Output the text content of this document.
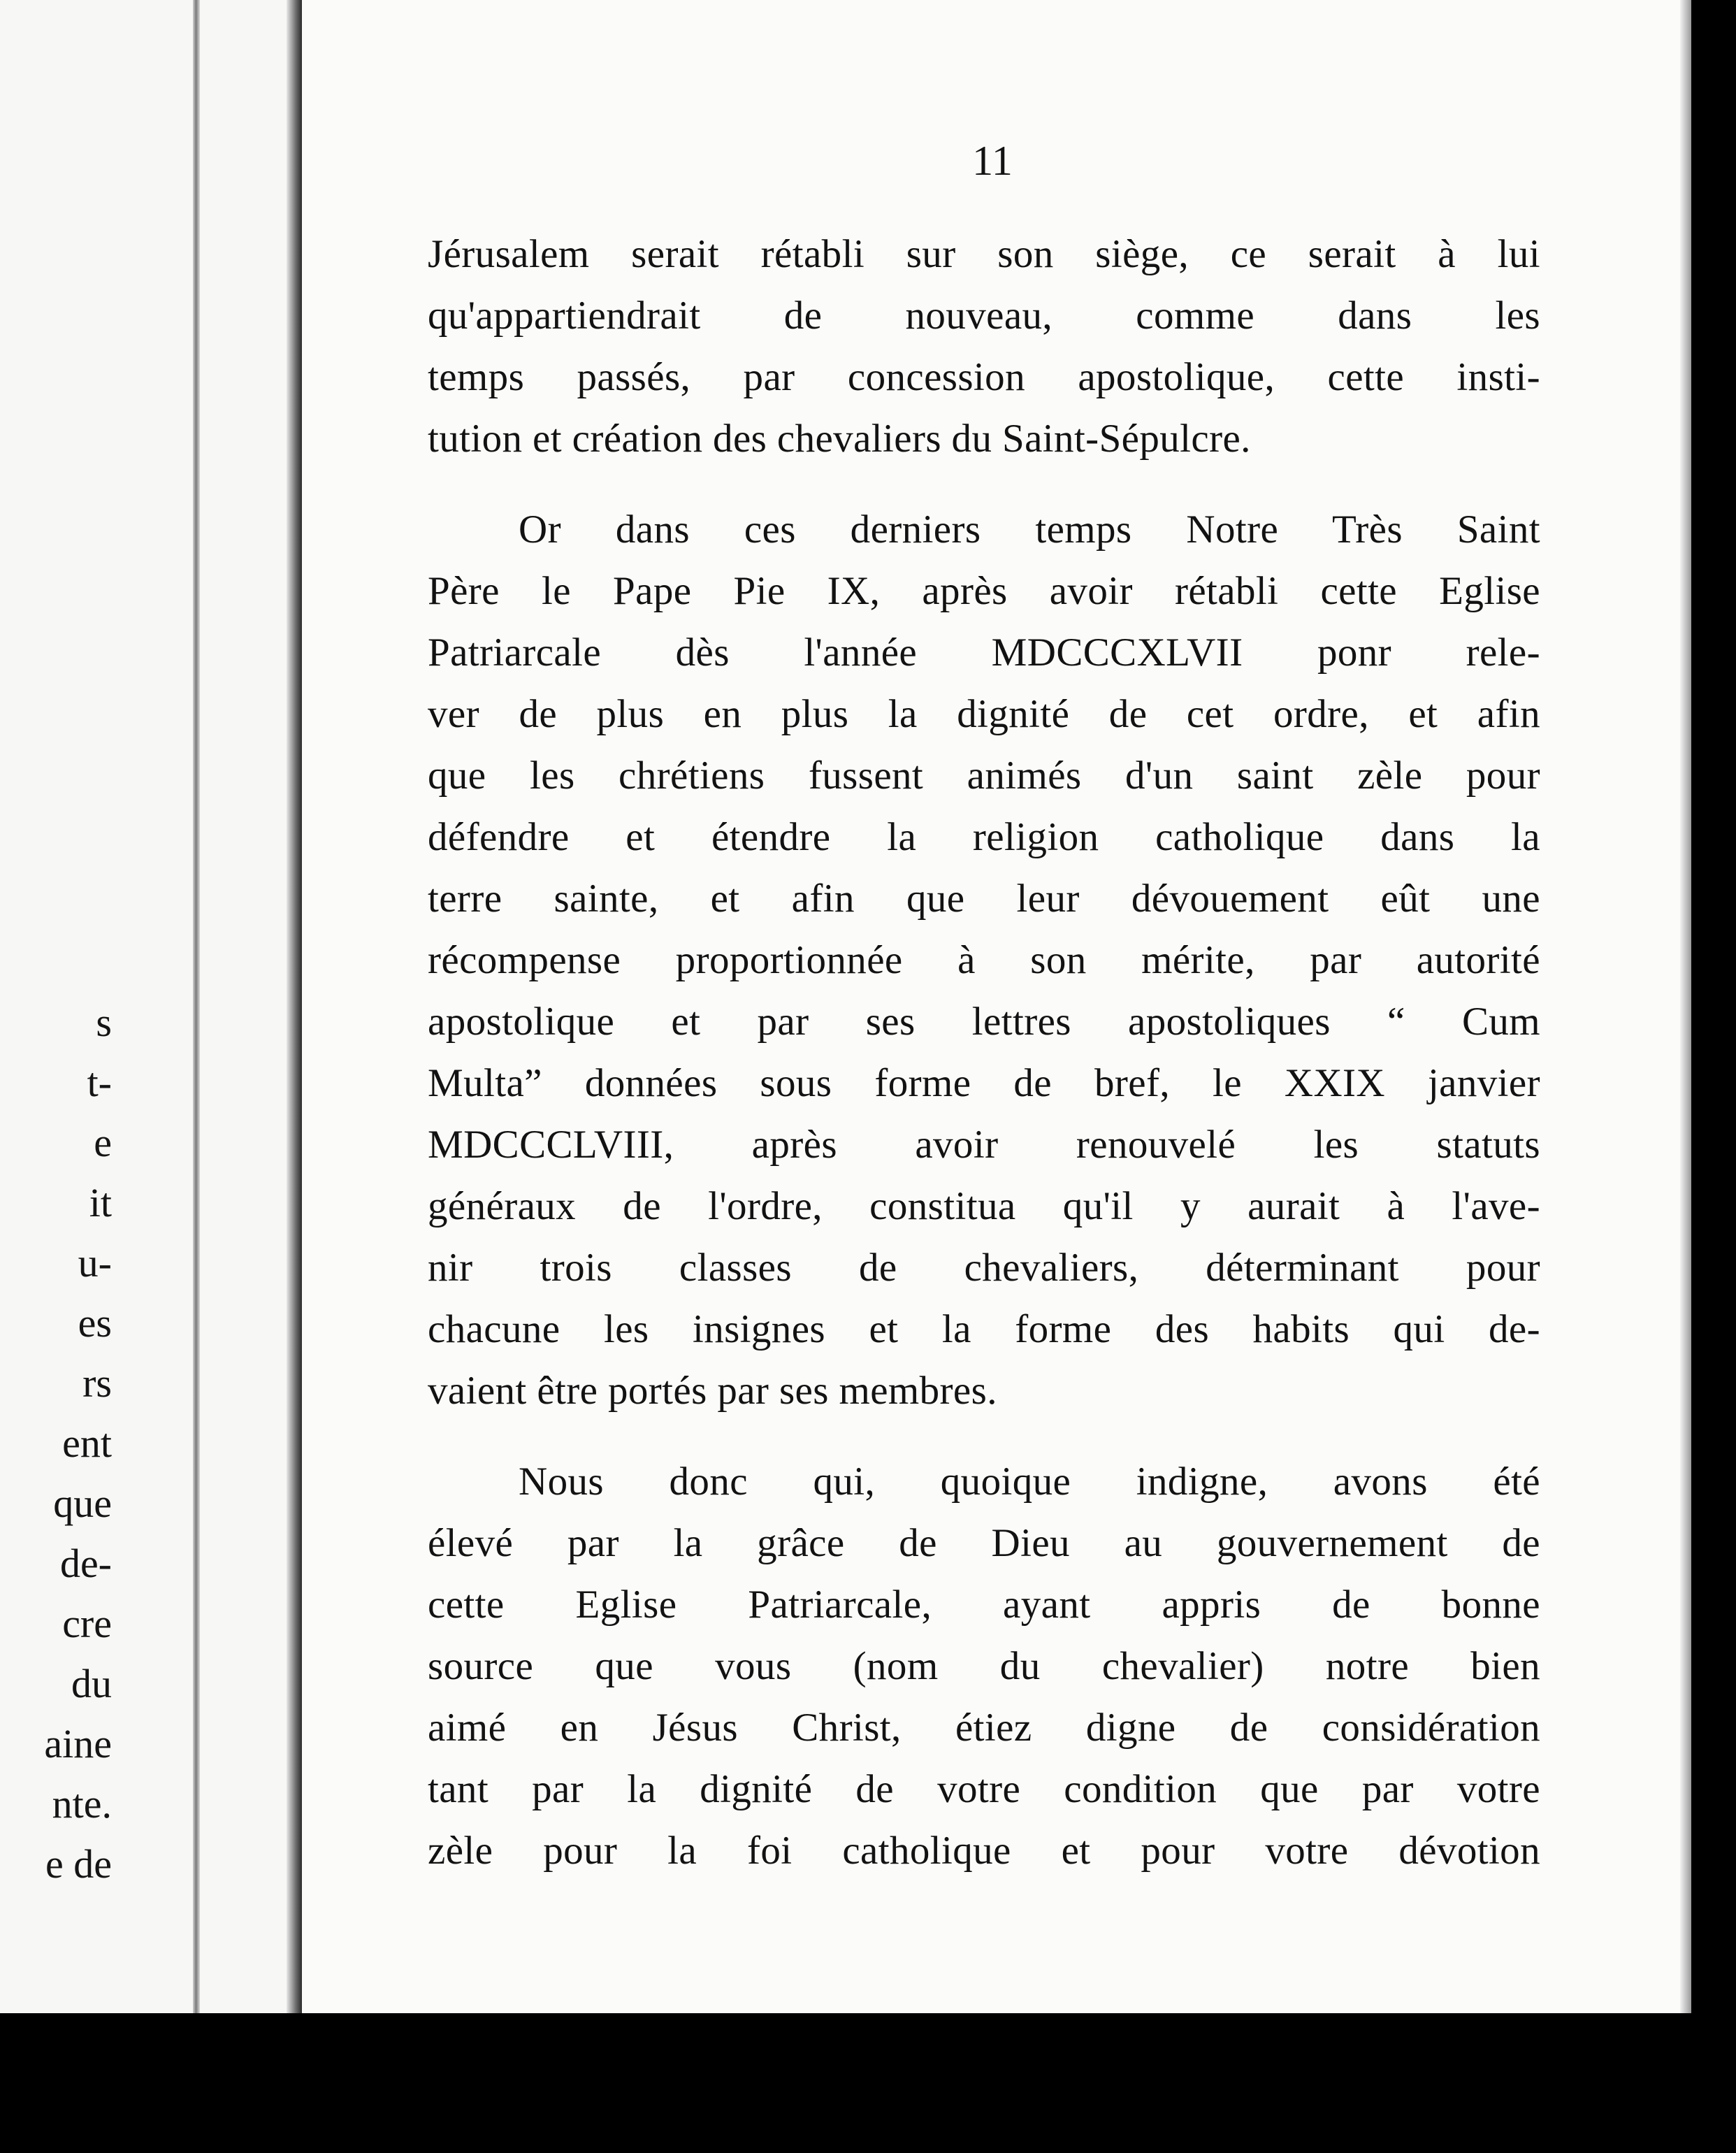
s
t-
e
it
u-
es
rs
ent
que
de-
cre
du
aine
nte.
e de
11
Jérusalem serait rétabli sur son siège, ce serait à lui
qu'appartiendrait de nouveau, comme dans les
temps passés, par concession apostolique, cette insti-
tution et création des chevaliers du Saint-Sépulcre.
Or dans ces derniers temps Notre Très Saint
Père le Pape Pie IX, après avoir rétabli cette Eglise
Patriarcale dès l'année MDCCCXLVII ponr rele-
ver de plus en plus la dignité de cet ordre, et afin
que les chrétiens fussent animés d'un saint zèle pour
défendre et étendre la religion catholique dans la
terre sainte, et afin que leur dévouement eût une
récompense proportionnée à son mérite, par autorité
apostolique et par ses lettres apostoliques “ Cum
Multa” données sous forme de bref, le XXIX janvier
MDCCCLVIII, après avoir renouvelé les statuts
généraux de l'ordre, constitua qu'il y aurait à l'ave-
nir trois classes de chevaliers, déterminant pour
chacune les insignes et la forme des habits qui de-
vaient être portés par ses membres.
Nous donc qui, quoique indigne, avons été
élevé par la grâce de Dieu au gouvernement de
cette Eglise Patriarcale, ayant appris de bonne
source que vous (nom du chevalier) notre bien
aimé en Jésus Christ, étiez digne de considération
tant par la dignité de votre condition que par votre
zèle pour la foi catholique et pour votre dévotion
